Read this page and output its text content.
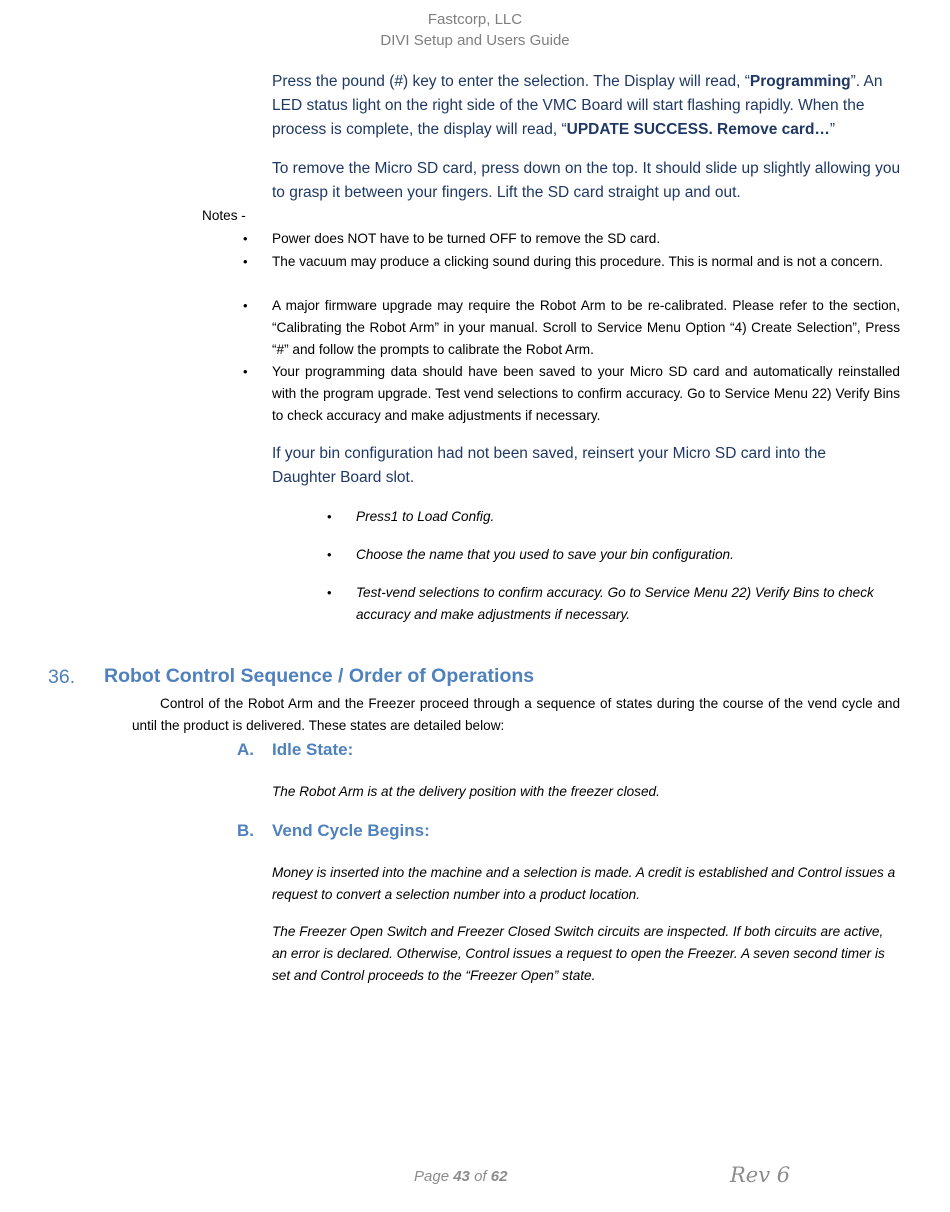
Fastcorp, LLC
DIVI Setup and Users Guide
Press the pound (#) key to enter the selection. The Display will read, “Programming”. An LED status light on the right side of the VMC Board will start flashing rapidly. When the process is complete, the display will read, “UPDATE SUCCESS. Remove card…”
To remove the Micro SD card, press down on the top. It should slide up slightly allowing you to grasp it between your fingers. Lift the SD card straight up and out.
Notes -
• Power does NOT have to be turned OFF to remove the SD card.
• The vacuum may produce a clicking sound during this procedure. This is normal and is not a concern.
• A major firmware upgrade may require the Robot Arm to be re-calibrated. Please refer to the section, “Calibrating the Robot Arm” in your manual. Scroll to Service Menu Option “4) Create Selection”, Press “#” and follow the prompts to calibrate the Robot Arm.
• Your programming data should have been saved to your Micro SD card and automatically reinstalled with the program upgrade. Test vend selections to confirm accuracy. Go to Service Menu 22) Verify Bins to check accuracy and make adjustments if necessary.
If your bin configuration had not been saved, reinsert your Micro SD card into the Daughter Board slot.
• Press1 to Load Config.
• Choose the name that you used to save your bin configuration.
• Test-vend selections to confirm accuracy. Go to Service Menu 22) Verify Bins to check accuracy and make adjustments if necessary.
36. Robot Control Sequence / Order of Operations
Control of the Robot Arm and the Freezer proceed through a sequence of states during the course of the vend cycle and until the product is delivered. These states are detailed below:
A. Idle State:
The Robot Arm is at the delivery position with the freezer closed.
B. Vend Cycle Begins:
Money is inserted into the machine and a selection is made. A credit is established and Control issues a request to convert a selection number into a product location.
The Freezer Open Switch and Freezer Closed Switch circuits are inspected. If both circuits are active, an error is declared. Otherwise, Control issues a request to open the Freezer. A seven second timer is set and Control proceeds to the “Freezer Open” state.
Page 43 of 62	Rev 6
